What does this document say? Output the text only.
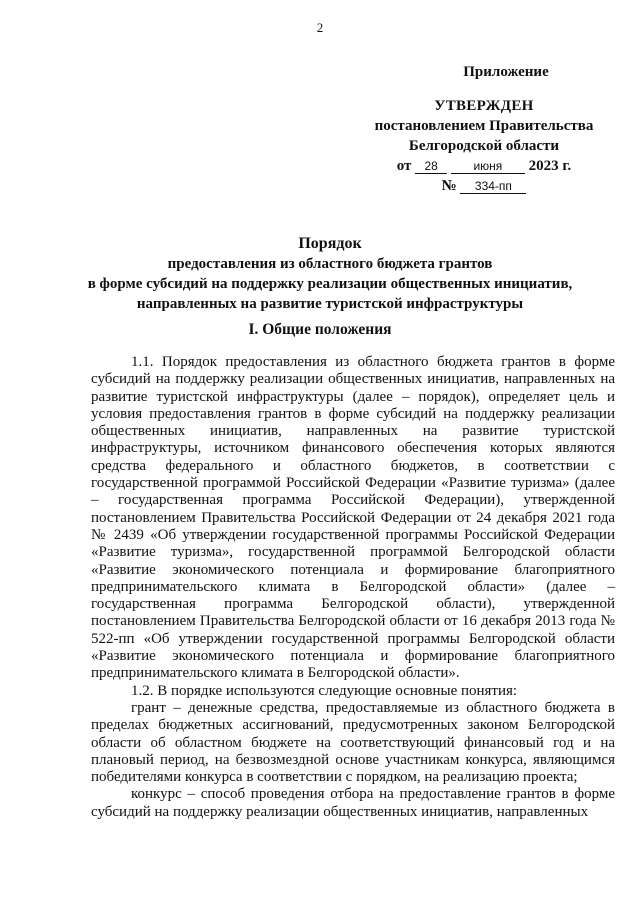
2
Приложение
УТВЕРЖДЕН
постановлением Правительства
Белгородской области
от 28	июня 2023 г.
№ 334-пп
Порядок
предоставления из областного бюджета грантов
в форме субсидий на поддержку реализации общественных инициатив,
направленных на развитие туристской инфраструктуры
I. Общие положения

1.1. Порядок предоставления из областного бюджета грантов в форме субсидий на поддержку реализации общественных инициатив, направленных на развитие туристской инфраструктуры (далее – порядок), определяет цель и условия предоставления грантов в форме субсидий на поддержку реализации общественных инициатив, направленных на развитие туристской инфраструктуры, источником финансового обеспечения которых являются средства федерального и областного бюджетов, в соответствии с государственной программой Российской Федерации «Развитие туризма» (далее – государственная программа Российской Федерации), утвержденной постановлением Правительства Российской Федерации от 24 декабря 2021 года № 2439 «Об утверждении государственной программы Российской Федерации «Развитие туризма», государственной программой Белгородской области «Развитие экономического потенциала и формирование благоприятного предпринимательского климата в Белгородской области» (далее – государственная программа Белгородской области), утвержденной постановлением Правительства Белгородской области от 16 декабря 2013 года № 522-пп «Об утверждении государственной программы Белгородской области «Развитие экономического потенциала и формирование благоприятного предпринимательского климата в Белгородской области».

1.2. В порядке используются следующие основные понятия:

грант – денежные средства, предоставляемые из областного бюджета в пределах бюджетных ассигнований, предусмотренных законом Белгородской области об областном бюджете на соответствующий финансовый год и на плановый период, на безвозмездной основе участникам конкурса, являющимся победителями конкурса в соответствии с порядком, на реализацию проекта;

конкурс – способ проведения отбора на предоставление грантов в форме субсидий на поддержку реализации общественных инициатив, направленных
